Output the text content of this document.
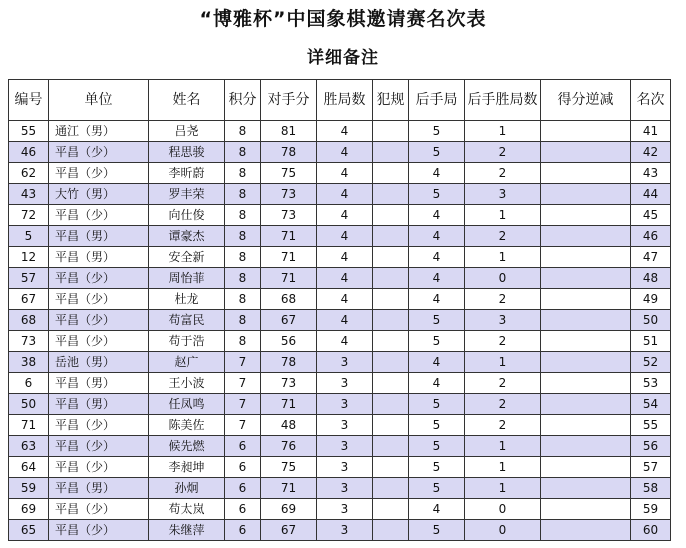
“博雅杯”中国象棋邀请赛名次表
详细备注
编号	单位	姓名	积分	对手分	胜局数	犯规	后手局	后手胜局数	得分逆减	名次
55	通江（男）	吕尧	8	81	4		5	1		41
46	平昌（少）	程思骏	8	78	4		5	2		42
62	平昌（少）	李昕蔚	8	75	4		4	2		43
43	大竹（男）	罗丰荣	8	73	4		5	3		44
72	平昌（少）	向仕俊	8	73	4		4	1		45
5	平昌（男）	谭豪杰	8	71	4		4	2		46
12	平昌（男）	安全新	8	71	4		4	1		47
57	平昌（少）	周怡菲	8	71	4		4	0		48
67	平昌（少）	杜龙	8	68	4		4	2		49
68	平昌（少）	苟富民	8	67	4		5	3		50
73	平昌（少）	苟于浩	8	56	4		5	2		51
38	岳池（男）	赵广	7	78	3		4	1		52
6	平昌（男）	王小波	7	73	3		4	2		53
50	平昌（男）	任凤鸣	7	71	3		5	2		54
71	平昌（少）	陈美佐	7	48	3		5	2		55
63	平昌（少）	候先燃	6	76	3		5	1		56
64	平昌（少）	李昶坤	6	75	3		5	1		57
59	平昌（男）	孙炯	6	71	3		5	1		58
69	平昌（少）	苟太岚	6	69	3		4	0		59
65	平昌（少）	朱继萍	6	67	3		5	0		60
